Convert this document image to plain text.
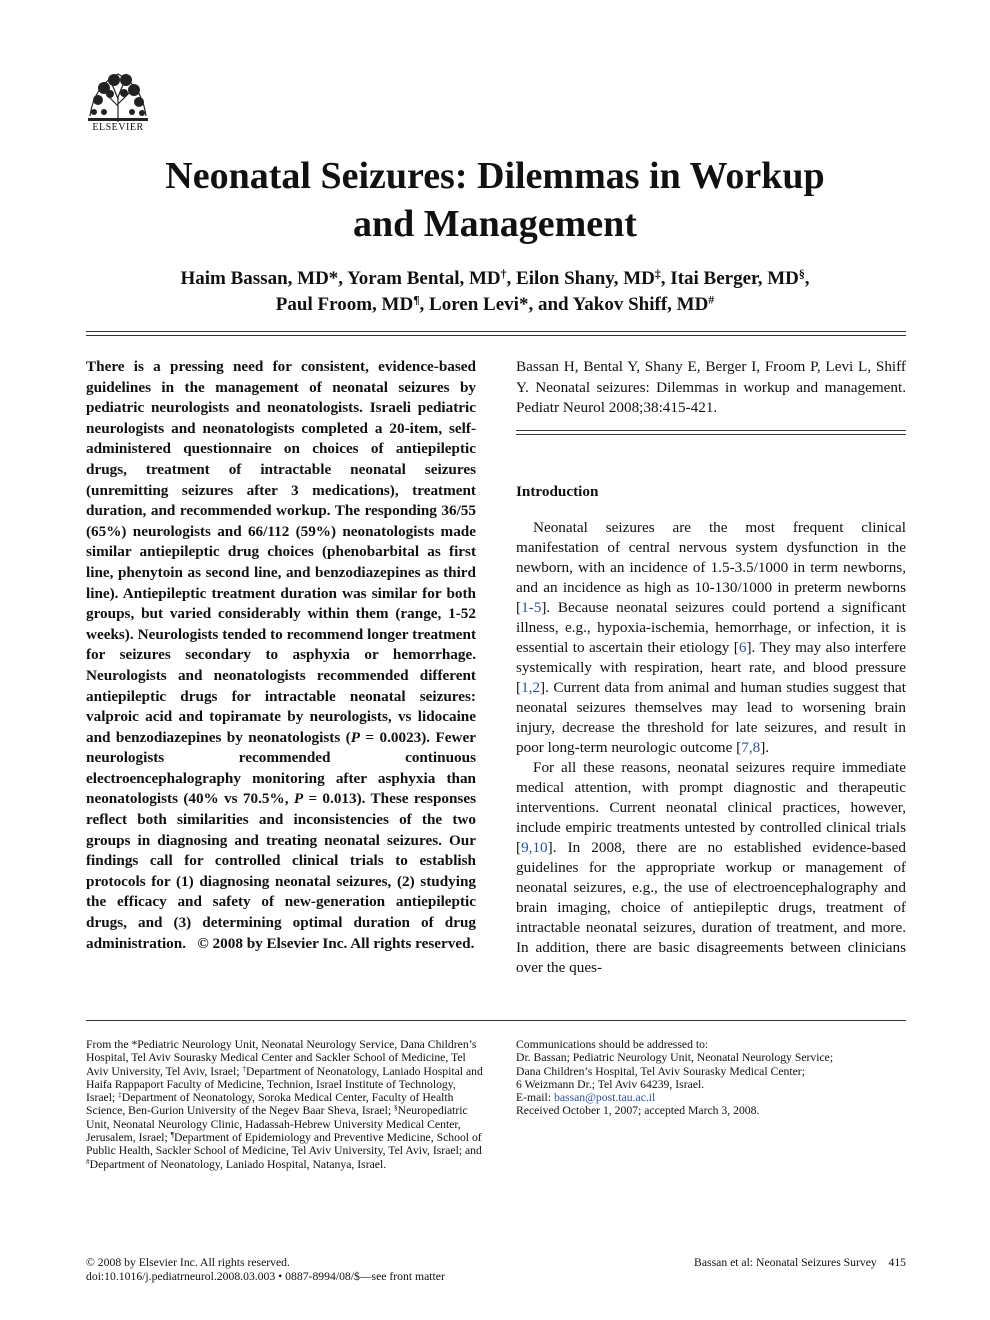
ELSEVIER
Neonatal Seizures: Dilemmas in Workup
and Management
Haim Bassan, MD*, Yoram Bental, MD†, Eilon Shany, MD‡, Itai Berger, MD§,
Paul Froom, MD¶, Loren Levi*, and Yakov Shiff, MD#
There is a pressing need for consistent, evidence-based guidelines in the management of neonatal seizures by pediatric neurologists and neonatologists. Israeli pediatric neurologists and neonatologists completed a 20-item, self-administered questionnaire on choices of antiepileptic drugs, treatment of intractable neonatal seizures (unremitting seizures after 3 medications), treatment duration, and recommended workup. The responding 36/55 (65%) neurologists and 66/112 (59%) neonatologists made similar antiepileptic drug choices (phenobarbital as first line, phenytoin as second line, and benzodiazepines as third line). Antiepileptic treatment duration was similar for both groups, but varied considerably within them (range, 1-52 weeks). Neurologists tended to recommend longer treatment for seizures secondary to asphyxia or hemorrhage. Neurologists and neonatologists recommended different antiepileptic drugs for intractable neonatal seizures: valproic acid and topiramate by neurologists, vs lidocaine and benzodiazepines by neonatologists (P = 0.0023). Fewer neurologists recommended continuous electroencephalography monitoring after asphyxia than neonatologists (40% vs 70.5%, P = 0.013). These responses reflect both similarities and inconsistencies of the two groups in diagnosing and treating neonatal seizures. Our findings call for controlled clinical trials to establish protocols for (1) diagnosing neonatal seizures, (2) studying the efficacy and safety of new-generation antiepileptic drugs, and (3) determining optimal duration of drug administration. © 2008 by Elsevier Inc. All rights reserved.
Bassan H, Bental Y, Shany E, Berger I, Froom P, Levi L, Shiff Y. Neonatal seizures: Dilemmas in workup and management. Pediatr Neurol 2008;38:415-421.
Introduction

Neonatal seizures are the most frequent clinical manifestation of central nervous system dysfunction in the newborn, with an incidence of 1.5-3.5/1000 in term newborns, and an incidence as high as 10-130/1000 in preterm newborns [1-5]. Because neonatal seizures could portend a significant illness, e.g., hypoxia-ischemia, hemorrhage, or infection, it is essential to ascertain their etiology [6]. They may also interfere systemically with respiration, heart rate, and blood pressure [1,2]. Current data from animal and human studies suggest that neonatal seizures themselves may lead to worsening brain injury, decrease the threshold for late seizures, and result in poor long-term neurologic outcome [7,8].

For all these reasons, neonatal seizures require immediate medical attention, with prompt diagnostic and therapeutic interventions. Current neonatal clinical practices, however, include empiric treatments untested by controlled clinical trials [9,10]. In 2008, there are no established evidence-based guidelines for the appropriate workup or management of neonatal seizures, e.g., the use of electroencephalography and brain imaging, choice of antiepileptic drugs, treatment of intractable neonatal seizures, duration of treatment, and more. In addition, there are basic disagreements between clinicians over the ques-

From the *Pediatric Neurology Unit, Neonatal Neurology Service, Dana Children’s Hospital, Tel Aviv Sourasky Medical Center and Sackler School of Medicine, Tel Aviv University, Tel Aviv, Israel; †Department of Neonatology, Laniado Hospital and Haifa Rappaport Faculty of Medicine, Technion, Israel Institute of Technology, Israel; ‡Department of Neonatology, Soroka Medical Center, Faculty of Health Science, Ben-Gurion University of the Negev Baar Sheva, Israel; §Neuropediatric Unit, Neonatal Neurology Clinic, Hadassah-Hebrew University Medical Center, Jerusalem, Israel; ¶Department of Epidemiology and Preventive Medicine, School of Public Health, Sackler School of Medicine, Tel Aviv University, Tel Aviv, Israel; and #Department of Neonatology, Laniado Hospital, Natanya, Israel.
Communications should be addressed to:
Dr. Bassan; Pediatric Neurology Unit, Neonatal Neurology Service;
Dana Children’s Hospital, Tel Aviv Sourasky Medical Center;
6 Weizmann Dr.; Tel Aviv 64239, Israel.
E-mail: bassan@post.tau.ac.il
Received October 1, 2007; accepted March 3, 2008.
© 2008 by Elsevier Inc. All rights reserved.
doi:10.1016/j.pediatrneurol.2008.03.003 • 0887-8994/08/$—see front matter
Bassan et al: Neonatal Seizures Survey 415
